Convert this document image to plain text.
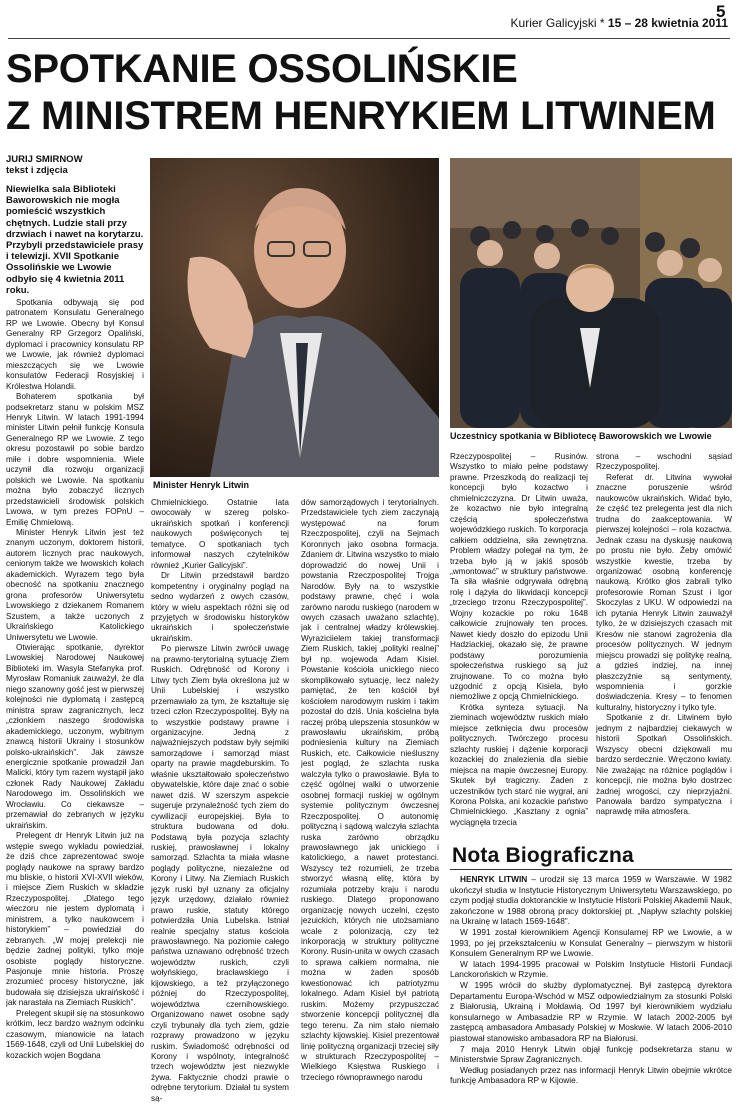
5
Kurier Galicyjski * 15 – 28 kwietnia 2011
SPOTKANIE OSSOLIŃSKIE
Z MINISTREM HENRYKIEM LITWINEM
JURIJ SMIRNOW
tekst i zdjęcia
Niewielka sala Biblioteki Baworowskich nie mogła pomieścić wszystkich chętnych. Ludzie stali przy drzwiach i nawet na korytarzu. Przybyli przedstawiciele prasy i telewizji. XVII Spotkanie Ossolińskie we Lwowie odbyło się 4 kwietnia 2011 roku.

Spotkania odbywają się pod patronatem Konsulatu Generalnego RP we Lwowie. Obecny był Konsul Generalny RP Grzegorz Opaliński, dyplomaci i pracownicy konsulatu RP we Lwowie, jak również dyplomaci mieszczących się we Lwowie konsulatów Federacji Rosyjskiej i Królestwa Holandii.

Bohaterem spotkania był podsekretarz stanu w polskim MSZ Henryk Litwin. W latach 1991-1994 minister Litwin pełnił funkcję Konsula Generalnego RP we Lwowie. Z tego okresu pozostawił po sobie bardzo miłe i dobre wspomnienia. Wiele uczynił dla rozwoju organizacji polskich we Lwowie. Na spotkaniu można było zobaczyć licznych przedstawicieli środowisk polskich Lwowa, w tym prezes FOPnU – Emilię Chmielową.

Minister Henryk Litwin jest też znanym uczonym, doktorem historii, autorem licznych prac naukowych, cenionym także we lwowskich kołach akademickich. Wyrazem tego była obecność na spotkaniu znacznego grona profesorów Uniwersytetu Lwowskiego z dziekanem Romanem Szustem, a także uczonych z Ukraińskiego Katolickiego Uniwersytetu we Lwowie.

Otwierając spotkanie, dyrektor Lwowskiej Narodowej Naukowej Biblioteki im. Wasyla Stefanyka prof. Myrosław Romaniuk zauważył, że dla niego szanowny gość jest w pierwszej kolejności nie dyplomatą i zastępcą ministra spraw zagranicznych, lecz „członkiem naszego środowiska akademickiego, uczonym, wybitnym znawcą historii Ukrainy i stosunków polsko-ukraińskich”. Jak zawsze energicznie spotkanie prowadził Jan Malicki, który tym razem wystąpił jako członek Rady Naukowej Zakładu Narodowego im. Ossolińskich we Wrocławiu. Co ciekawsze – przemawiał do zebranych w języku ukraińskim.

Prelegent dr Henryk Litwin już na wstępie swego wykładu powiedział, że dziś chce zaprezentować swoje poglądy naukowe na sprawy bardzo mu bliskie, o historii XVI-XVII wieków, i miejsce Ziem Ruskich w składzie Rzeczypospolitej. „Dlatego tego wieczoru nie jestem dyplomatą i ministrem, a tylko naukowcem i historykiem” – powiedział do zebranych. „W mojej prelekcji nie będzie żadnej polityki, tylko moje osobiste poglądy historyczne. Pasjonuje mnie historia. Proszę zrozumieć procesy historyczne, jak budowała się dzisiejsza ukraińskość i jak narastała na Ziemiach Ruskich”.

Prelegent skupił się na stosunkowo krótkim, lecz bardzo ważnym odcinku czasowym, mianowicie na latach 1569-1648, czyli od Unii Lubelskiej do kozackich wojen Bogdana

Minister Henryk Litwin
Uczestnicy spotkania w Bibliotecę Baworowskich we Lwowie

Chmielnickiego. Ostatnie lata owocowały w szereg polsko-ukraińskich spotkań i konferencji naukowych poświęconych tej tematyce. O spotkaniach tych informował naszych czytelników również „Kurier Galicyjski”.

Dr Litwin przedstawił bardzo kompetentny i oryginalny pogląd na sedno wydarzeń z owych czasów, który w wielu aspektach różni się od przyjętych w środowisku historyków ukraińskich i społeczeństwie ukraińskim.

Po pierwsze Litwin zwrócił uwagę na prawno-terytorialną sytuację Ziem Ruskich. Odrębność od Korony i Litwy tych Ziem była określona już w Unii Lubelskiej i wszystko przemawiało za tym, że kształtuje się trzeci człon Rzeczypospolitej. Były na to wszystkie podstawy prawne i organizacyjne. Jedną z najważniejszych podstaw były sejmiki samorządowe i samorząd miast oparty na prawie magdeburskim. To właśnie ukształtowało społeczeństwo obywatelskie, które daje znać o sobie nawet dziś. W szerszym aspekcie sugeruje przynależność tych ziem do cywilizacji europejskiej. Była to struktura budowana od dołu. Podstawą była pozycja szlachty ruskiej, prawosławnej i lokalny samorząd. Szlachta ta miała własne poglądy polityczne, niezależne od Korony i Litwy. Na Ziemiach Ruskich język ruski był uznany za oficjalny język urzędowy, działało również prawo ruskie, statuty którego potwierdziła Unia Lubelska. Istniał realnie specjalny status kościoła prawosławnego. Na poziomie całego państwa uznawano odrębność trzech województw ruskich, czyli wołyńskiego, bracławskiego i kijowskiego, a też przyłączonego później do Rzeczypospolitej, województwa czernihowskiego. Organizowano nawet osobne sądy czyli trybunały dla tych ziem, gdzie rozprawy prowadzono w języku ruskim. Świadomość odrębności od Korony i wspólnoty, integralność trzech województw jest niezwykle żywa. Faktycznie chodzi prawie o odrębne terytorium. Działał tu system są-

dów samorządowych i terytorialnych. Przedstawiciele tych ziem zaczynają występować na forum Rzeczpospolitej, czyli na Sejmach Koronnych jako osobna formacja. Zdaniem dr. Litwina wszystko to miało doprowadzić do nowej Unii i powstania Rzeczpospolitej Trojga Narodów. Były na to wszystkie podstawy prawne, chęć i wola zarówno narodu ruskiego (narodem w owych czasach uważano szlachtę), jak i centralnej władzy królewskiej. Wyraziciielem takiej transformacji Ziem Ruskich, takiej „polityki realnej” był np. wojewoda Adam Kisiel. Powstanie kościoła unickiego nieco skomplikowało sytuację, lecz należy pamiętać, że ten kościół był kościołem narodowym ruskim i takim pozostał do dziś. Unia kościelna była raczej próbą ulepszenia stosunków w prawosławiu ukraińskim, próbą podniesienia kultury na Ziemiach Ruskich, etc. Całkowicie nieśluszny jest pogląd, że szlachta ruska walczyła tylko o prawosławie. Była to część ogólnej walki o utworzenie osobnej formacji ruskiej w ogólnym systemie politycznym ówczesnej Rzeczpospolitej. O autonomię polityczną i sądową walczyła szlachta ruska zarówno obrządku prawosławnego jak unickiego i katolickiego, a nawet protestanci. Wszyscy też rozumieli, że trzeba stworzyć własną elitę, która by rozumiała potrzeby kraju i narodu ruskiego. Dlatego proponowano organizację nowych uczelni, często jezuickich, których nie utożsamiano wcale z polonizacją, czy też inkorporacją w struktury polityczne Korony. Rusin-unita w owych czasach to sprawa całkiem normalna, nie można w żaden sposób kwestionować ich patriotyzmu lokalnego. Adam Kisiel był patriotą ruskim. Możemy przypuszczać stworzenie koncepcji politycznej dla tego terenu. Za nim stało niemało szlachty kijowskiej. Kisiel prezentował linię polityczną organizacji trzeciej siły w strukturach Rzeczypospolitej – Wielkiego Księstwa Ruskiego i trzeciego równoprawnego narodu

Rzeczypospolitej – Rusinów. Wszystko to miało pełne podstawy prawne. Przeszkodą do realizacji tej koncepcji było kozactwo i chmielniczczyzna. Dr Litwin uważa, że kozactwo nie było integralną częścią społeczeństwa wojewódzkiego ruskich. To korporacja całkiem oddzielna, siła zewnętrzna. Problem władzy polegał na tym, że trzeba było ją w jakiś sposób „wmontować” w struktury państwowe. Ta siła właśnie odgrywała odrębną rolę i dążyła do likwidacji koncepcji „trzeciego trzonu Rzeczypospolitej”. Wojny kozackie po roku 1648 całkowicie zrujnowały ten proces. Nawet kiedy doszło do epizodu Unii Hadziackiej, okazało się, że prawne podstawy porozumienia społeczeństwa ruskiego są już zrujnowane. To co można było uzgodnić z opcją Kisiela, było niemożliwe z opcją Chmielnickiego.

Krótka synteza sytuacji. Na zieminach województw ruskich miało miejsce zetknięcia dwu procesów politycznych. Twórczego procesu szlachty ruskiej i dążenie korporacji kozackiej do znalezienia dla siebie miejsca na mapie ówczesnej Europy. Skutek był tragiczny. Żaden z uczestników tych starć nie wygrał, ani Korona Polska, ani kozackie państwo Chmielnickiego. „Kasztany z ognia” wyciągnęła trzecia

strona – wschodni sąsiad Rzeczypospolitej.

Referat dr. Litwina wywołał znaczne poruszenie wśród naukowców ukraińskich. Widać było, że część tez prelegenta jest dla nich trudna do zaakceptowania. W pierwszej kolejności – rola kozactwa. Jednak czasu na dyskusję naukową po prostu nie było. Żeby omówić wszystkie kwestie, trzeba by organizować osobną konferencję naukową. Krótko głos zabrali tylko profesorowie Roman Szust i Igor Skoczylas z UKU. W odpowiedzi na ich pytania Henryk Litwin zauważył tylko, że w dzisiejszych czasach mit Kresów nie stanowi zagrożenia dla procesów politycznych. W jednym miejscu prowadzi się politykę realną, a gdzieś indziej, na innej płaszczyźnie są sentymenty, wspomnienia i gorzkie doświadczenia. Kresy – to fenomen kulturalny, historyczny i tylko tyle.

Spotkanie z dr. Litwinem było jednym z najbardziej ciekawych w historii Spotkań Ossolińskich. Wszyscy obecni dziękowali mu bardzo serdecznie. Wręczono kwiaty. Nie zważając na różnice poglądów i koncepcji, nie można było dostrzec żadnej wrogości, czy nieprzyjaźni. Panowała bardzo sympatyczna i naprawdę miła atmosfera.

Nota Biograficzna

HENRYK LITWIN – urodził się 13 marca 1959 w Warszawie. W 1982 ukończył studia w Instytucie Historycznym Uniwersytetu Warszawskiego, po czym podjął studia doktoranckie w Instytucie Historii Polskiej Akademii Nauk, zakończone w 1988 obroną pracy doktorskiej pt. „Napływ szlachty polskiej na Ukrainę w latach 1569-1648”.

W 1991 został kierownikiem Agencji Konsularnej RP we Lwowie, a w 1993, po jej przekształceniu w Konsulat Generalny – pierwszym w historii Konsulem Generalnym RP we Lwowie.

W latach 1994-1995 pracował w Polskim Instytucie Historii Fundacji Lanckorońskich w Rzymie.

W 1995 wrócił do służby dyplomatycznej. Był zastępcą dyrektora Departamentu Europa-Wschód w MSZ odpowiedzialnym za stosunki Polski z Białorusią, Ukrainą i Mołdawią. Od 1997 był kierownikiem wydziału konsularnego w Ambasadzie RP w Rzymie. W latach 2002-2005 był zastępcą ambasadora Ambasady Polskiej w Moskwie. W latach 2006-2010 piastował stanowisko ambasadora RP na Białorusi.

7 maja 2010 Henryk Litwin objął funkcję podsekretarza stanu w Ministerstwie Spraw Zagranicznych.

Według posiadanych przez nas informacji Henryk Litwin obejmie wkrótce funkcję Ambasadora RP w Kijowie.
